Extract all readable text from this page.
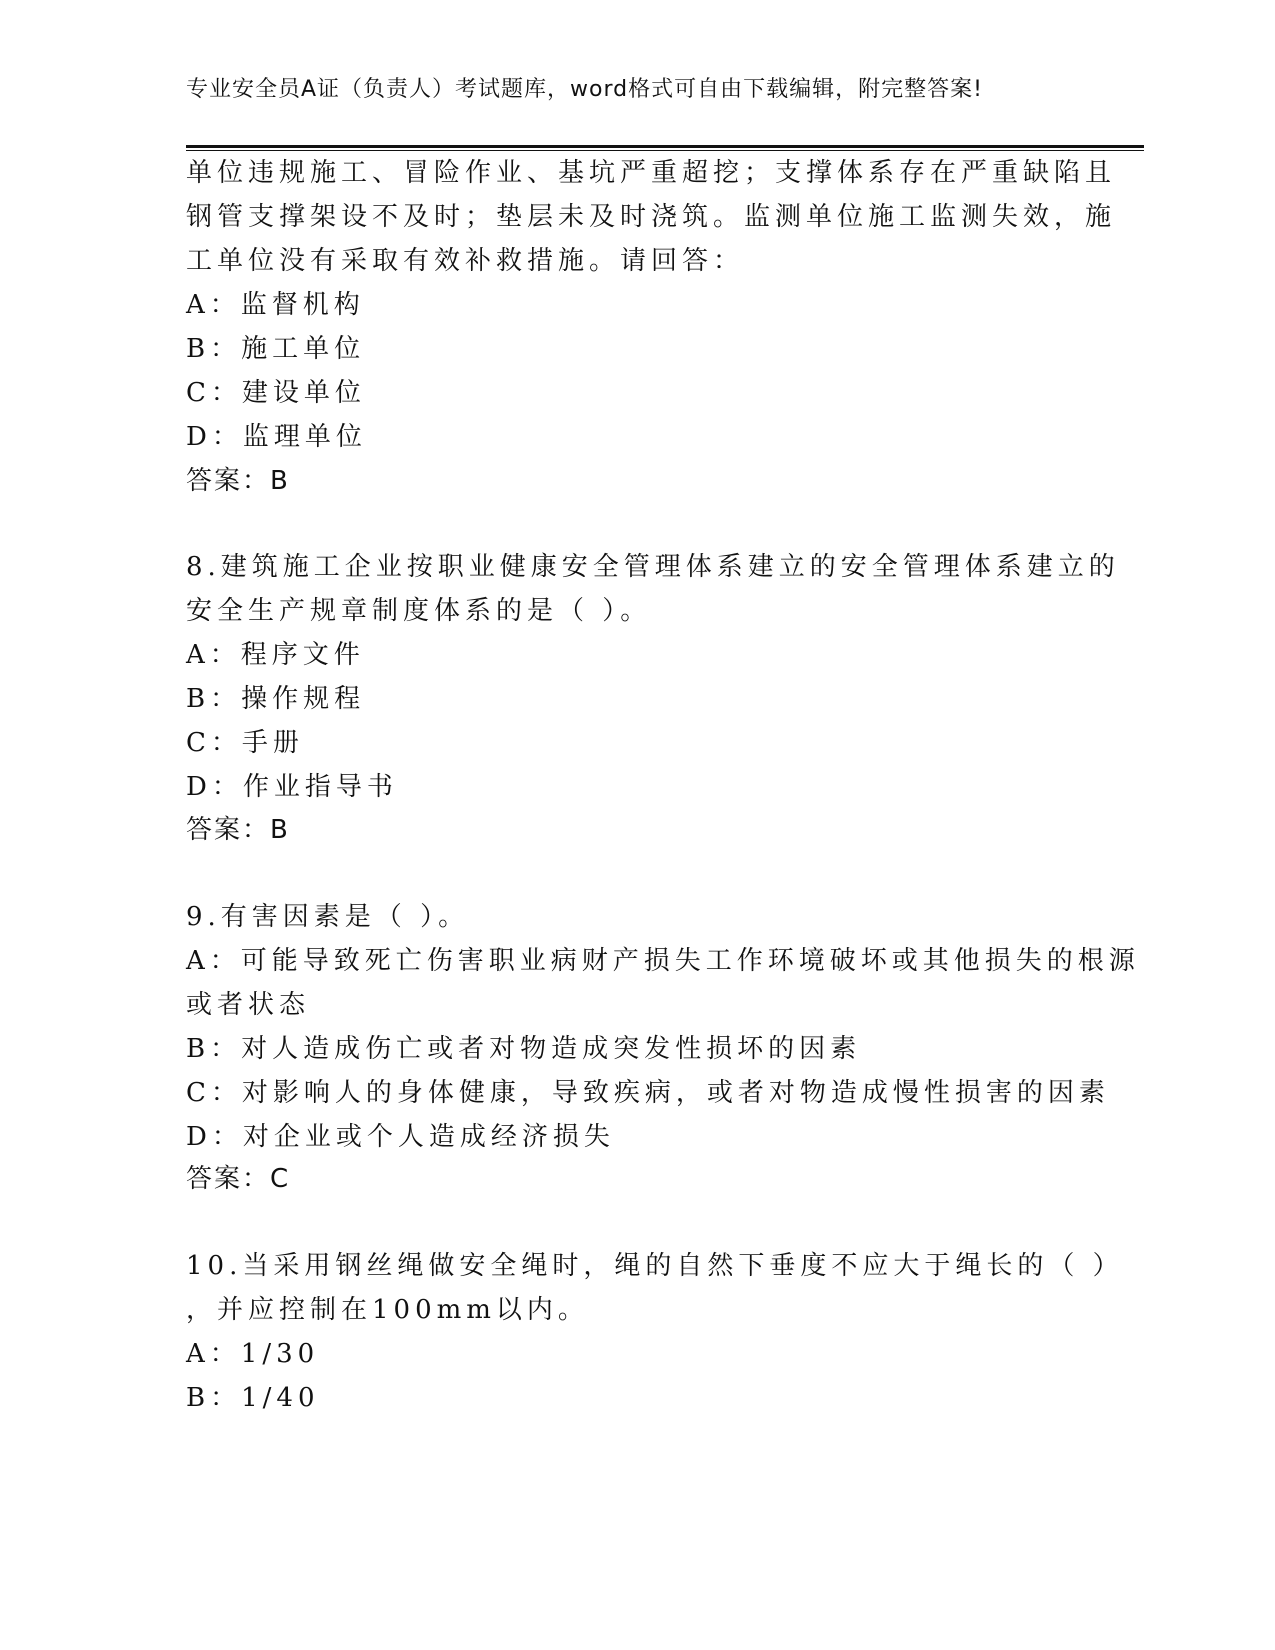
专业安全员A证（负责人）考试题库，word格式可自由下载编辑，附完整答案!
单位违规施工、冒险作业、基坑严重超挖；支撑体系存在严重缺陷且
钢管支撑架设不及时；垫层未及时浇筑。监测单位施工监测失效，施
工单位没有采取有效补救措施。请回答：
A：监督机构
B：施工单位
C：建设单位
D：监理单位
答案：B
8.建筑施工企业按职业健康安全管理体系建立的安全管理体系建立的
安全生产规章制度体系的是（ ）。
A：程序文件
B：操作规程
C：手册
D：作业指导书
答案：B
9.有害因素是（ ）。
A：可能导致死亡伤害职业病财产损失工作环境破坏或其他损失的根源
或者状态
B：对人造成伤亡或者对物造成突发性损坏的因素
C：对影响人的身体健康，导致疾病，或者对物造成慢性损害的因素
D：对企业或个人造成经济损失
答案：C
10.当采用钢丝绳做安全绳时，绳的自然下垂度不应大于绳长的（ ）
，并应控制在100mm以内。
A：1/30
B：1/40
